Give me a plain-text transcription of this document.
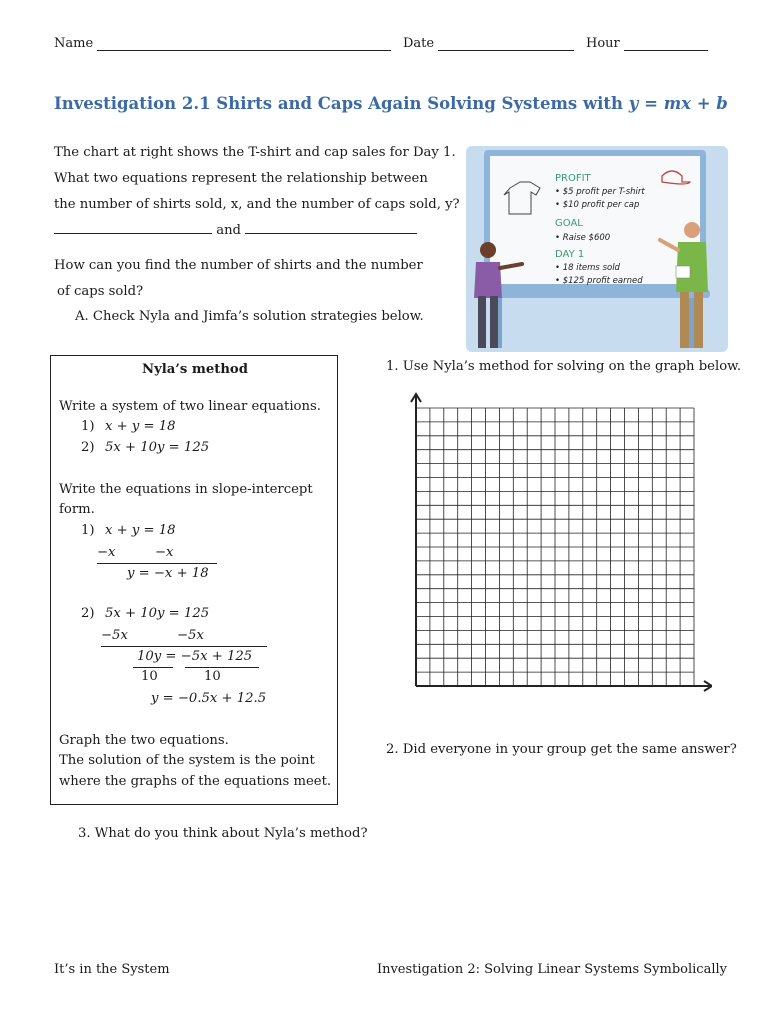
Name	Date	Hour
Investigation 2.1 Shirts and Caps Again Solving Systems with y = mx + b
The chart at right shows the T-shirt and cap sales for Day 1.
What two equations represent the relationship between
the number of shirts sold, x, and the number of caps sold, y?
and
How can you find the number of shirts and the number
of caps sold?
A. Check Nyla and Jimfa’s solution strategies below.
PROFIT
• $5 profit per T-shirt
• $10 profit per cap
GOAL
• Raise $600
DAY 1
• 18 items sold
• $125 profit earned
Nyla’s method
Write a system of two linear equations.
1) x + y = 18
2) 5x + 10y = 125
Write the equations in slope-intercept
form.
1) x + y = 18
−x	−x
y = −x + 18
2) 5x + 10y = 125
−5x	−5x
10y = −5x + 125
10	10
y = −0.5x + 12.5
Graph the two equations.
The solution of the system is the point
where the graphs of the equations meet.
1. Use Nyla’s method for solving on the graph below.
2. Did everyone in your group get the same answer?
3. What do you think about Nyla’s method?
It’s in the System	Investigation 2: Solving Linear Systems Symbolically
